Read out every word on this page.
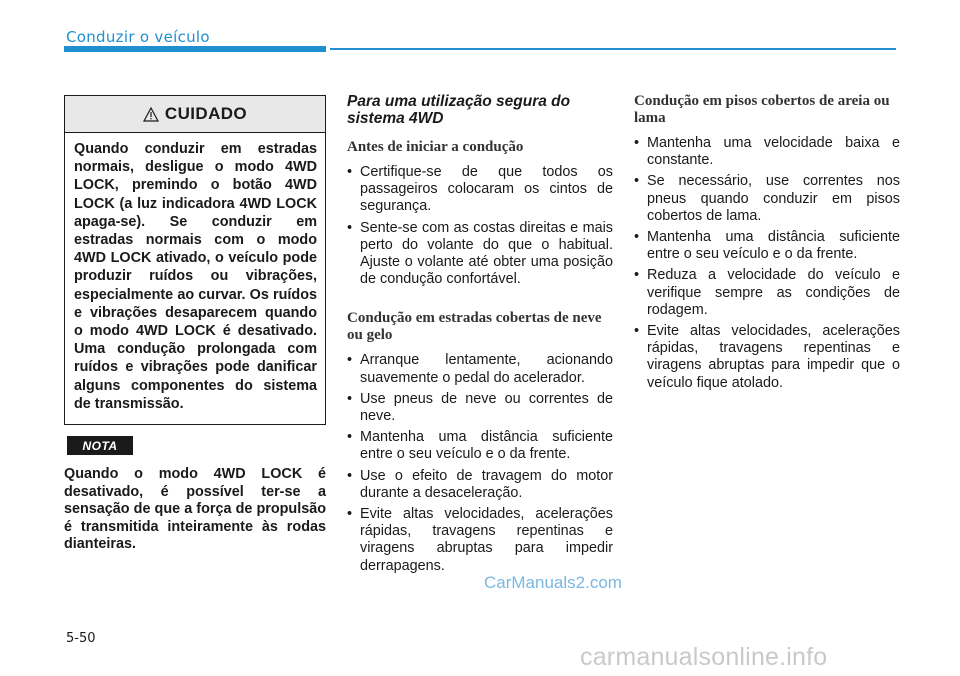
Conduzir o veículo
CUIDADO
Quando conduzir em estradas normais, desligue o modo 4WD LOCK, premindo o botão 4WD LOCK (a luz indicadora 4WD LOCK apaga-se). Se conduzir em estradas normais com o modo 4WD LOCK ativado, o veículo pode produzir ruídos ou vibrações, especialmente ao curvar. Os ruídos e vibrações desaparecem quando o modo 4WD LOCK é desativado. Uma condução prolongada com ruídos e vibrações pode danificar alguns componentes do sistema de transmissão.
NOTA
Quando o modo 4WD LOCK é desativado, é possível ter-se a sensação de que a força de propulsão é transmitida inteiramente às rodas dianteiras.
Para uma utilização segura do sistema 4WD
Antes de iniciar a condução
• Certifique-se de que todos os passageiros colocaram os cintos de segurança.
• Sente-se com as costas direitas e mais perto do volante do que o habitual. Ajuste o volante até obter uma posição de condução confortável.
Condução em estradas cobertas de neve ou gelo
• Arranque lentamente, acionando suavemente o pedal do acelerador.
• Use pneus de neve ou correntes de neve.
• Mantenha uma distância suficiente entre o seu veículo e o da frente.
• Use o efeito de travagem do motor durante a desaceleração.
• Evite altas velocidades, acelerações rápidas, travagens repentinas e viragens abruptas para impedir derrapagens.
Condução em pisos cobertos de areia ou lama
• Mantenha uma velocidade baixa e constante.
• Se necessário, use correntes nos pneus quando conduzir em pisos cobertos de lama.
• Mantenha uma distância suficiente entre o seu veículo e o da frente.
• Reduza a velocidade do veículo e verifique sempre as condições de rodagem.
• Evite altas velocidades, acelerações rápidas, travagens repentinas e viragens abruptas para impedir que o veículo fique atolado.
CarManuals2.com
5-50
carmanualsonline.info
